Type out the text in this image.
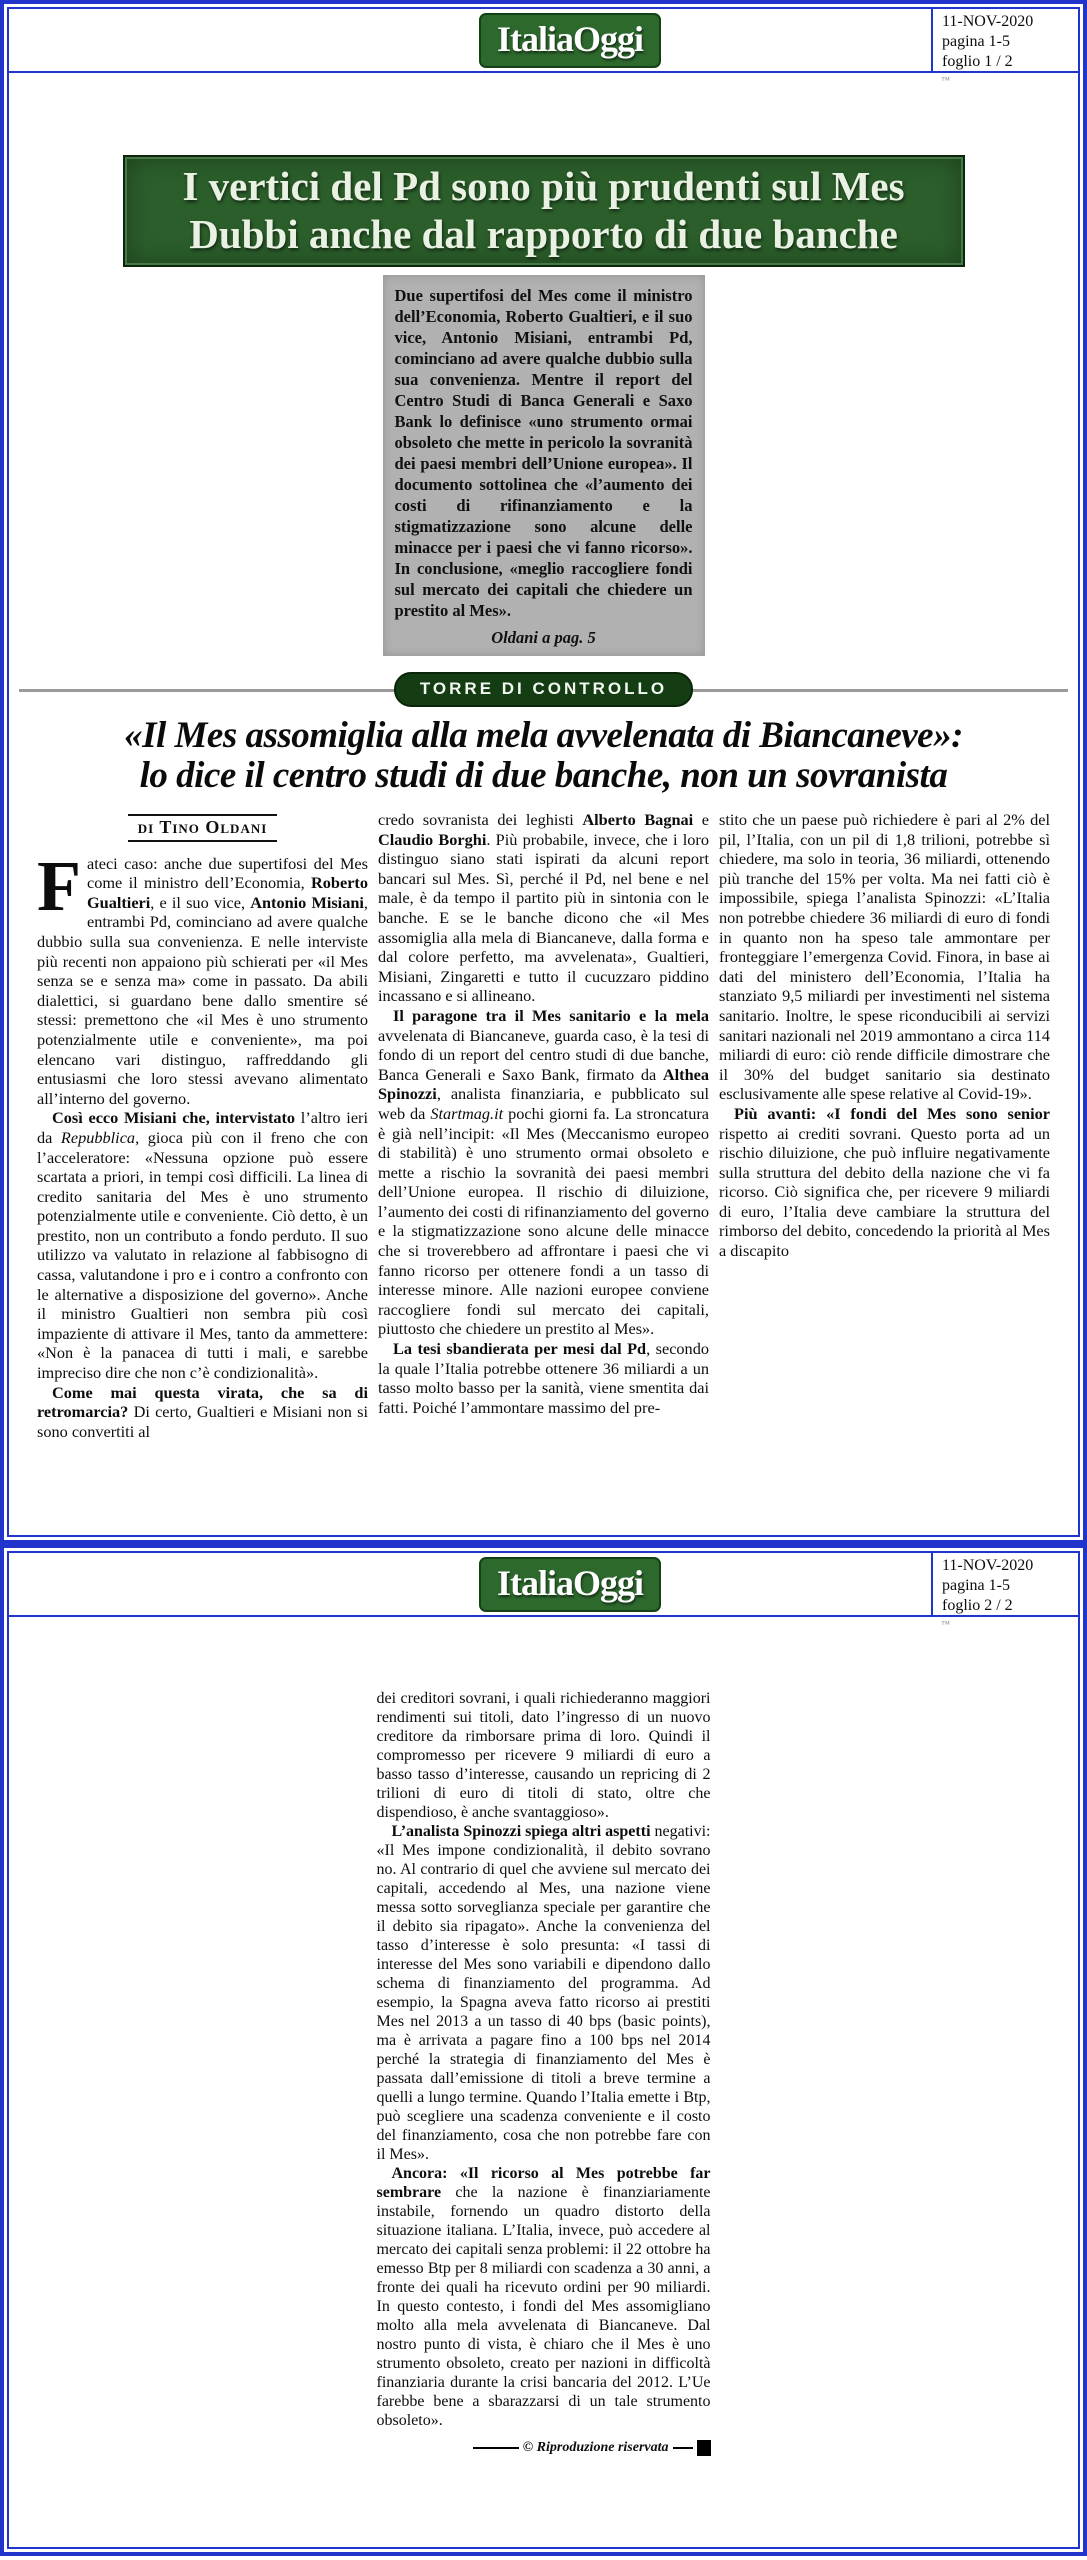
ItaliaOggi	11-NOV-2020
pagina 1-5
foglio 1 / 2
™
I vertici del Pd sono più prudenti sul Mes
Dubbi anche dal rapporto di due banche

Due supertifosi del Mes come il ministro dell’Economia, Roberto Gualtieri, e il suo vice, Antonio Misiani, entrambi Pd, cominciano ad avere qualche dubbio sulla sua convenienza. Mentre il report del Centro Studi di Banca Generali e Saxo Bank lo definisce «uno strumento ormai obsoleto che mette in pericolo la sovranità dei paesi membri dell’Unione europea». Il documento sottolinea che «l’aumento dei costi di rifinanziamento e la stigmatizzazione sono alcune delle minacce per i paesi che vi fanno ricorso». In conclusione, «meglio raccogliere fondi sul mercato dei capitali che chiedere un prestito al Mes».

Oldani a pag. 5
TORRE DI CONTROLLO
«Il Mes assomiglia alla mela avvelenata di Biancaneve»:
lo dice il centro studi di due banche, non un sovranista
di Tino Oldani

Fateci caso: anche due supertifosi del Mes come il ministro dell’Economia, Roberto Gualtieri, e il suo vice, Antonio Misiani, entrambi Pd, cominciano ad avere qualche dubbio sulla sua convenienza. E nelle interviste più recenti non appaiono più schierati per «il Mes senza se e senza ma» come in passato. Da abili dialettici, si guardano bene dallo smentire sé stessi: premettono che «il Mes è uno strumento potenzialmente utile e conveniente», ma poi elencano vari distinguo, raffreddando gli entusiasmi che loro stessi avevano alimentato all’interno del governo.

Così ecco Misiani che, intervistato l’altro ieri da Repubblica, gioca più con il freno che con l’acceleratore: «Nessuna opzione può essere scartata a priori, in tempi così difficili. La linea di credito sanitaria del Mes è uno strumento potenzialmente utile e conveniente. Ciò detto, è un prestito, non un contributo a fondo perduto. Il suo utilizzo va valutato in relazione al fabbisogno di cassa, valutandone i pro e i contro a confronto con le alternative a disposizione del governo». Anche il ministro Gualtieri non sembra più così impaziente di attivare il Mes, tanto da ammettere: «Non è la panacea di tutti i mali, e sarebbe impreciso dire che non c’è condizionalità».

Come mai questa virata, che sa di retromarcia? Di certo, Gualtieri e Misiani non si sono convertiti al

credo sovranista dei leghisti Alberto Bagnai e Claudio Borghi. Più probabile, invece, che i loro distinguo siano stati ispirati da alcuni report bancari sul Mes. Sì, perché il Pd, nel bene e nel male, è da tempo il partito più in sintonia con le banche. E se le banche dicono che «il Mes assomiglia alla mela di Biancaneve, dalla forma e dal colore perfetto, ma avvelenata», Gualtieri, Misiani, Zingaretti e tutto il cucuzzaro piddino incassano e si allineano.

Il paragone tra il Mes sanitario e la mela avvelenata di Biancaneve, guarda caso, è la tesi di fondo di un report del centro studi di due banche, Banca Generali e Saxo Bank, firmato da Althea Spinozzi, analista finanziaria, e pubblicato sul web da Startmag.it pochi giorni fa. La stroncatura è già nell’incipit: «Il Mes (Meccanismo europeo di stabilità) è uno strumento ormai obsoleto e mette a rischio la sovranità dei paesi membri dell’Unione europea. Il rischio di diluizione, l’aumento dei costi di rifinanziamento del governo e la stigmatizzazione sono alcune delle minacce che si troverebbero ad affrontare i paesi che vi fanno ricorso per ottenere fondi a un tasso di interesse minore. Alle nazioni europee conviene raccogliere fondi sul mercato dei capitali, piuttosto che chiedere un prestito al Mes».

La tesi sbandierata per mesi dal Pd, secondo la quale l’Italia potrebbe ottenere 36 miliardi a un tasso molto basso per la sanità, viene smentita dai fatti. Poiché l’ammontare massimo del pre-

stito che un paese può richiedere è pari al 2% del pil, l’Italia, con un pil di 1,8 trilioni, potrebbe sì chiedere, ma solo in teoria, 36 miliardi, ottenendo più tranche del 15% per volta. Ma nei fatti ciò è impossibile, spiega l’analista Spinozzi: «L’Italia non potrebbe chiedere 36 miliardi di euro di fondi in quanto non ha speso tale ammontare per fronteggiare l’emergenza Covid. Finora, in base ai dati del ministero dell’Economia, l’Italia ha stanziato 9,5 miliardi per investimenti nel sistema sanitario. Inoltre, le spese riconducibili ai servizi sanitari nazionali nel 2019 ammontano a circa 114 miliardi di euro: ciò rende difficile dimostrare che il 30% del budget sanitario sia destinato esclusivamente alle spese relative al Covid-19».

Più avanti: «I fondi del Mes sono senior rispetto ai crediti sovrani. Questo porta ad un rischio diluizione, che può influire negativamente sulla struttura del debito della nazione che vi fa ricorso. Ciò significa che, per ricevere 9 miliardi di euro, l’Italia deve cambiare la struttura del rimborso del debito, concedendo la priorità al Mes a discapito

ItaliaOggi	11-NOV-2020
pagina 1-5
foglio 2 / 2
™

dei creditori sovrani, i quali richiederanno maggiori rendimenti sui titoli, dato l’ingresso di un nuovo creditore da rimborsare prima di loro. Quindi il compromesso per ricevere 9 miliardi di euro a basso tasso d’interesse, causando un repricing di 2 trilioni di euro di titoli di stato, oltre che dispendioso, è anche svantaggioso».

L’analista Spinozzi spiega altri aspetti negativi: «Il Mes impone condizionalità, il debito sovrano no. Al contrario di quel che avviene sul mercato dei capitali, accedendo al Mes, una nazione viene messa sotto sorveglianza speciale per garantire che il debito sia ripagato». Anche la convenienza del tasso d’interesse è solo presunta: «I tassi di interesse del Mes sono variabili e dipendono dallo schema di finanziamento del programma. Ad esempio, la Spagna aveva fatto ricorso ai prestiti Mes nel 2013 a un tasso di 40 bps (basic points), ma è arrivata a pagare fino a 100 bps nel 2014 perché la strategia di finanziamento del Mes è passata dall’emissione di titoli a breve termine a quelli a lungo termine. Quando l’Italia emette i Btp, può scegliere una scadenza conveniente e il costo del finanziamento, cosa che non potrebbe fare con il Mes».

Ancora: «Il ricorso al Mes potrebbe far sembrare che la nazione è finanziariamente instabile, fornendo un quadro distorto della situazione italiana. L’Italia, invece, può accedere al mercato dei capitali senza problemi: il 22 ottobre ha emesso Btp per 8 miliardi con scadenza a 30 anni, a fronte dei quali ha ricevuto ordini per 90 miliardi. In questo contesto, i fondi del Mes assomigliano molto alla mela avvelenata di Biancaneve. Dal nostro punto di vista, è chiaro che il Mes è uno strumento obsoleto, creato per nazioni in difficoltà finanziaria durante la crisi bancaria del 2012. L’Ue farebbe bene a sbarazzarsi di un tale strumento obsoleto».

© Riproduzione riservata
